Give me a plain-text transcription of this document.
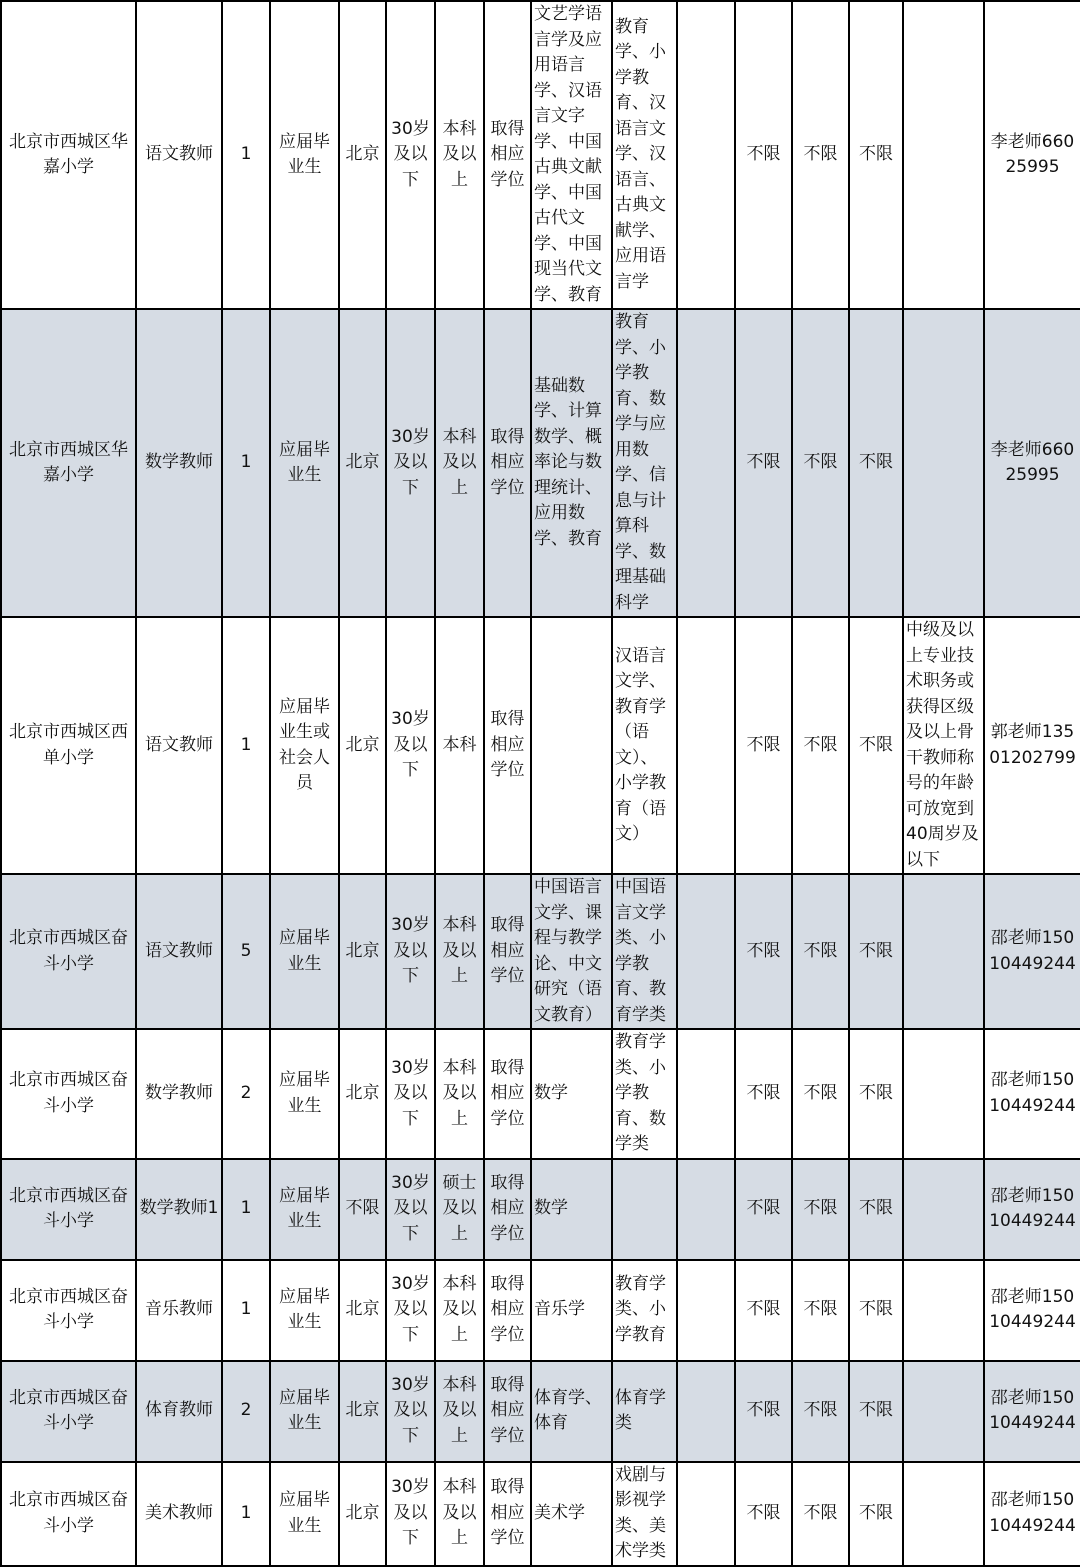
北京市西城区华嘉小学	语文教师	1	应届毕业生	北京	30岁及以下	本科及以上	取得相应学位	文艺学语言学及应用语言学、汉语言文字学、中国古典文献学、中国古代文学、中国现当代文学、教育	教育学、小学教育、汉语言文学、汉语言、古典文献学、应用语言学		不限	不限	不限		李老师66025995
北京市西城区华嘉小学	数学教师	1	应届毕业生	北京	30岁及以下	本科及以上	取得相应学位	基础数学、计算数学、概率论与数理统计、应用数学、教育	教育学、小学教育、数学与应用数学、信息与计算科学、数理基础科学		不限	不限	不限		李老师66025995
北京市西城区西单小学	语文教师	1	应届毕业生或社会人员	北京	30岁及以下	本科	取得相应学位		汉语言文学、教育学（语文）、小学教育（语文）		不限	不限	不限	中级及以上专业技术职务或获得区级及以上骨干教师称号的年龄可放宽到40周岁及以下	郭老师13501202799
北京市西城区奋斗小学	语文教师	5	应届毕业生	北京	30岁及以下	本科及以上	取得相应学位	中国语言文学、课程与教学论、中文研究（语文教育）	中国语言文学类、小学教育、教育学类		不限	不限	不限		邵老师15010449244
北京市西城区奋斗小学	数学教师	2	应届毕业生	北京	30岁及以下	本科及以上	取得相应学位	数学	教育学类、小学教育、数学类		不限	不限	不限		邵老师15010449244
北京市西城区奋斗小学	数学教师1	1	应届毕业生	不限	30岁及以下	硕士及以上	取得相应学位	数学			不限	不限	不限		邵老师15010449244
北京市西城区奋斗小学	音乐教师	1	应届毕业生	北京	30岁及以下	本科及以上	取得相应学位	音乐学	教育学类、小学教育		不限	不限	不限		邵老师15010449244
北京市西城区奋斗小学	体育教师	2	应届毕业生	北京	30岁及以下	本科及以上	取得相应学位	体育学、体育	体育学类		不限	不限	不限		邵老师15010449244
北京市西城区奋斗小学	美术教师	1	应届毕业生	北京	30岁及以下	本科及以上	取得相应学位	美术学	戏剧与影视学类、美术学类		不限	不限	不限		邵老师15010449244
